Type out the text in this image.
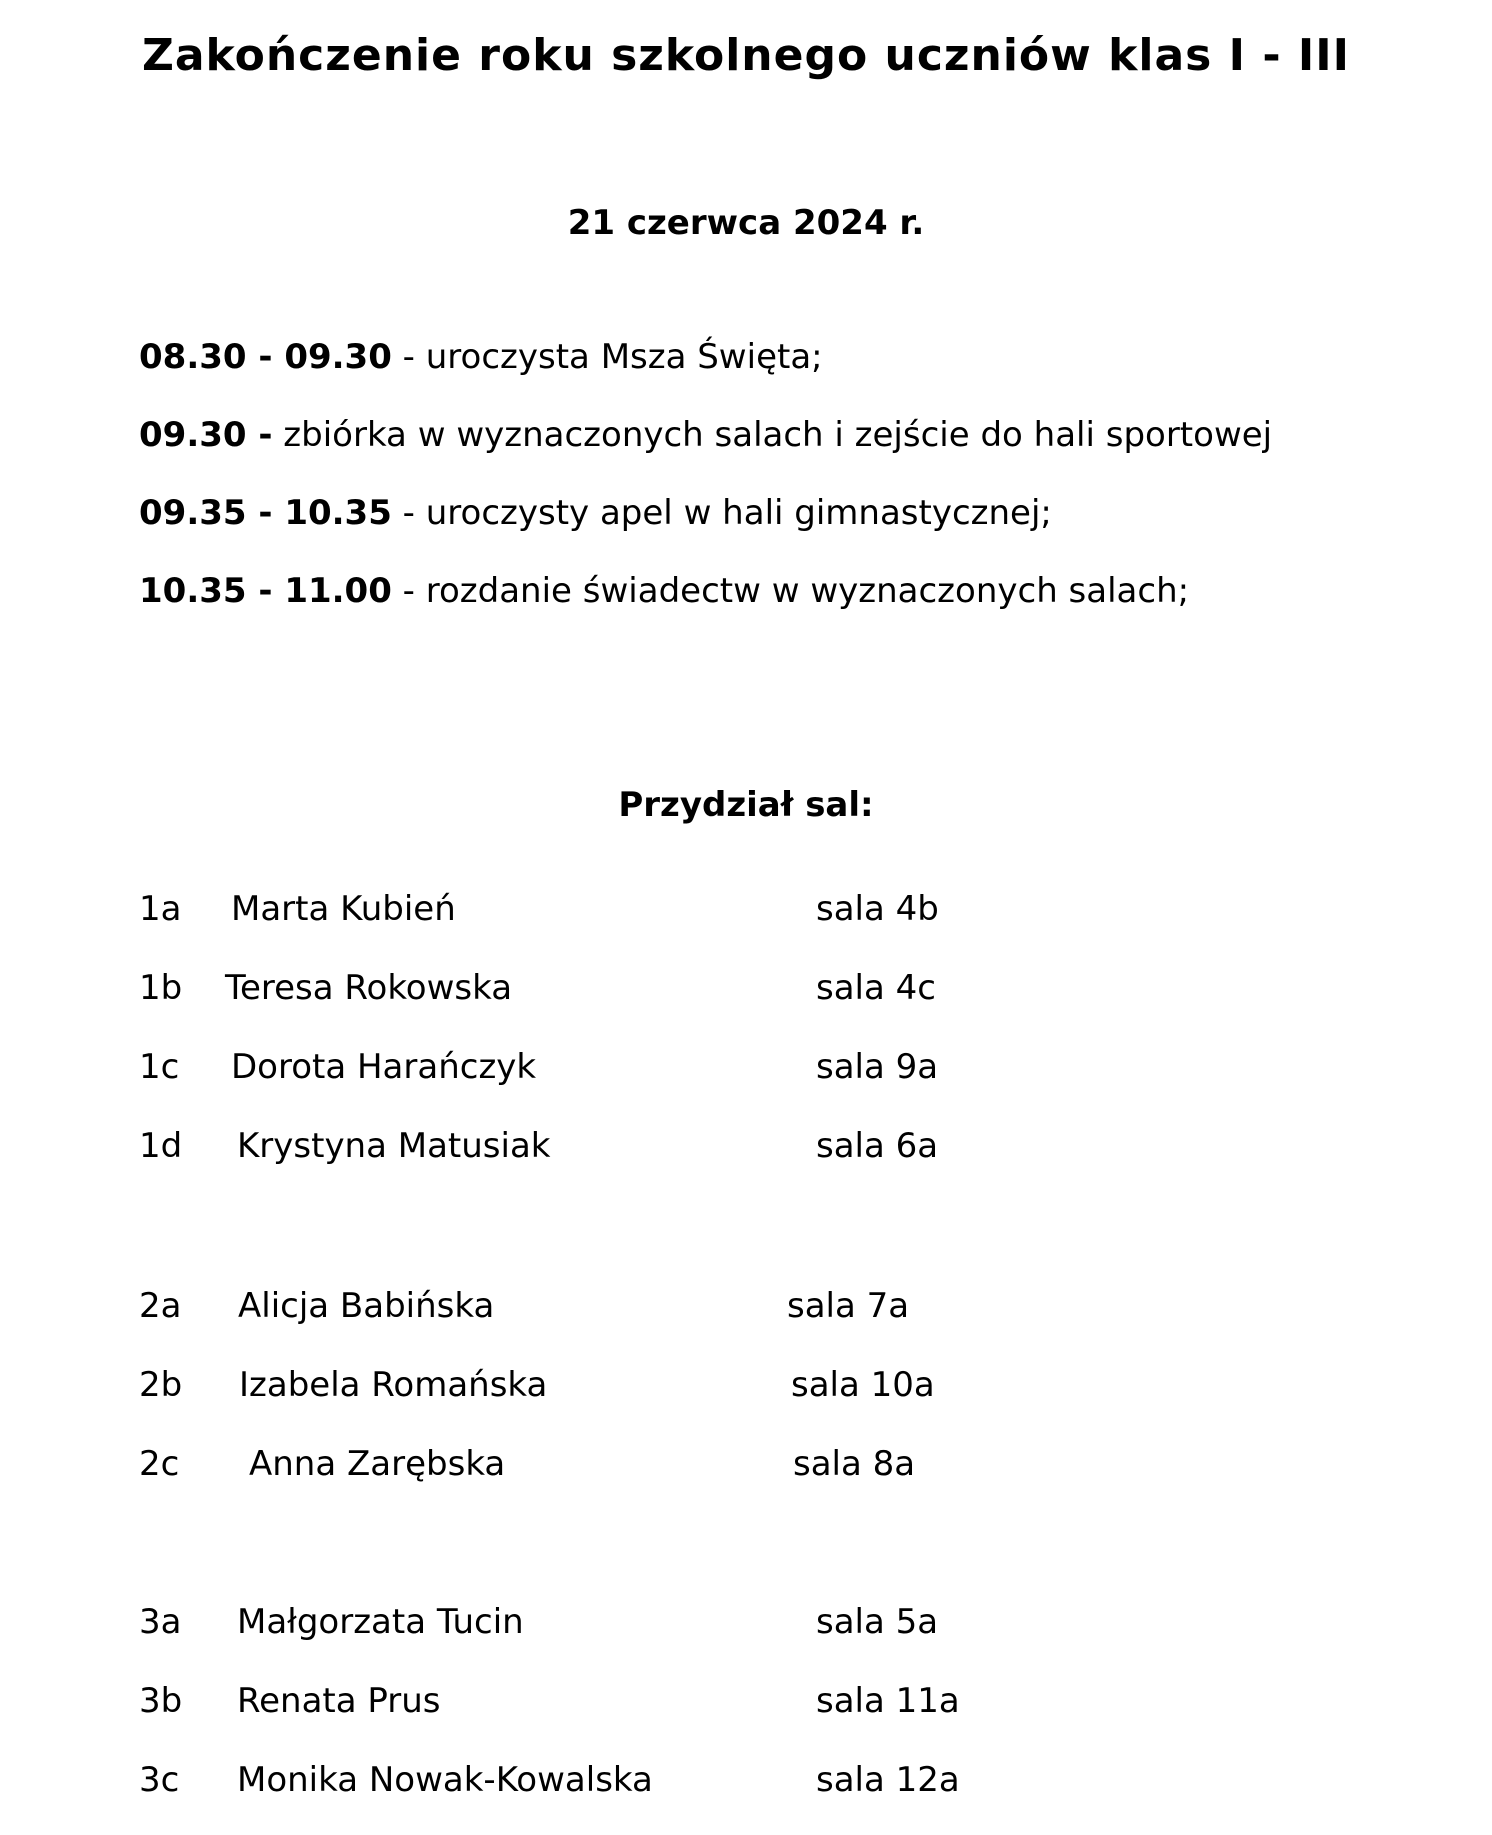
Zakończenie roku szkolnego uczniów klas I - III
21 czerwca 2024 r.
08.30 - 09.30 - uroczysta Msza Święta;
09.30 - zbiórka w wyznaczonych salach i zejście do hali sportowej
09.35 - 10.35 - uroczysty apel w hali gimnastycznej;
10.35 - 11.00 - rozdanie świadectw w wyznaczonych salach;
Przydział sal:
1a Marta Kubień	sala 4b
1b Teresa Rokowska	sala 4c
1c Dorota Harańczyk	sala 9a
1d Krystyna Matusiak	sala 6a
2a Alicja Babińska	sala 7a
2b Izabela Romańska	sala 10a
2c Anna Zarębska	sala 8a
3a Małgorzata Tucin	sala 5a
3b Renata Prus	sala 11a
3c Monika Nowak-Kowalska	sala 12a
